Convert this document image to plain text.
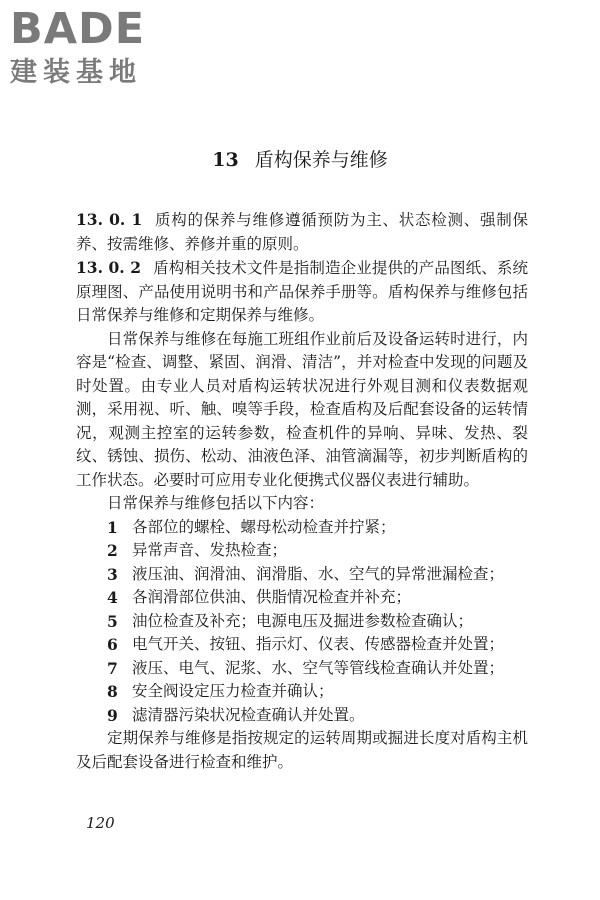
BADE
建装基地
13 盾构保养与维修

13. 0. 1 质构的保养与维修遵循预防为主、状态检测、强制保养、按需维修、养修并重的原则。

13. 0. 2 盾构相关技术文件是指制造企业提供的产品图纸、系统原理图、产品使用说明书和产品保养手册等。盾构保养与维修包括日常保养与维修和定期保养与维修。

日常保养与维修在每施工班组作业前后及设备运转时进行，内容是“检查、调整、紧固、润滑、清洁”，并对检查中发现的问题及时处置。由专业人员对盾构运转状况进行外观目测和仪表数据观测，采用视、听、触、嗅等手段，检查盾构及后配套设备的运转情况，观测主控室的运转参数，检查机件的异响、异味、发热、裂纹、锈蚀、损伤、松动、油液色泽、油管滴漏等，初步判断盾构的工作状态。必要时可应用专业化便携式仪器仪表进行辅助。

日常保养与维修包括以下内容：

1 各部位的螺栓、螺母松动检查并拧紧；
2 异常声音、发热检查；
3 液压油、润滑油、润滑脂、水、空气的异常泄漏检查；
4 各润滑部位供油、供脂情况检查并补充；
5 油位检查及补充；电源电压及掘进参数检查确认；
6 电气开关、按钮、指示灯、仪表、传感器检查并处置；
7 液压、电气、泥浆、水、空气等管线检查确认并处置；
8 安全阀设定压力检查并确认；
9 滤清器污染状况检查确认并处置。

定期保养与维修是指按规定的运转周期或掘进长度对盾构主机及后配套设备进行检查和维护。

120
